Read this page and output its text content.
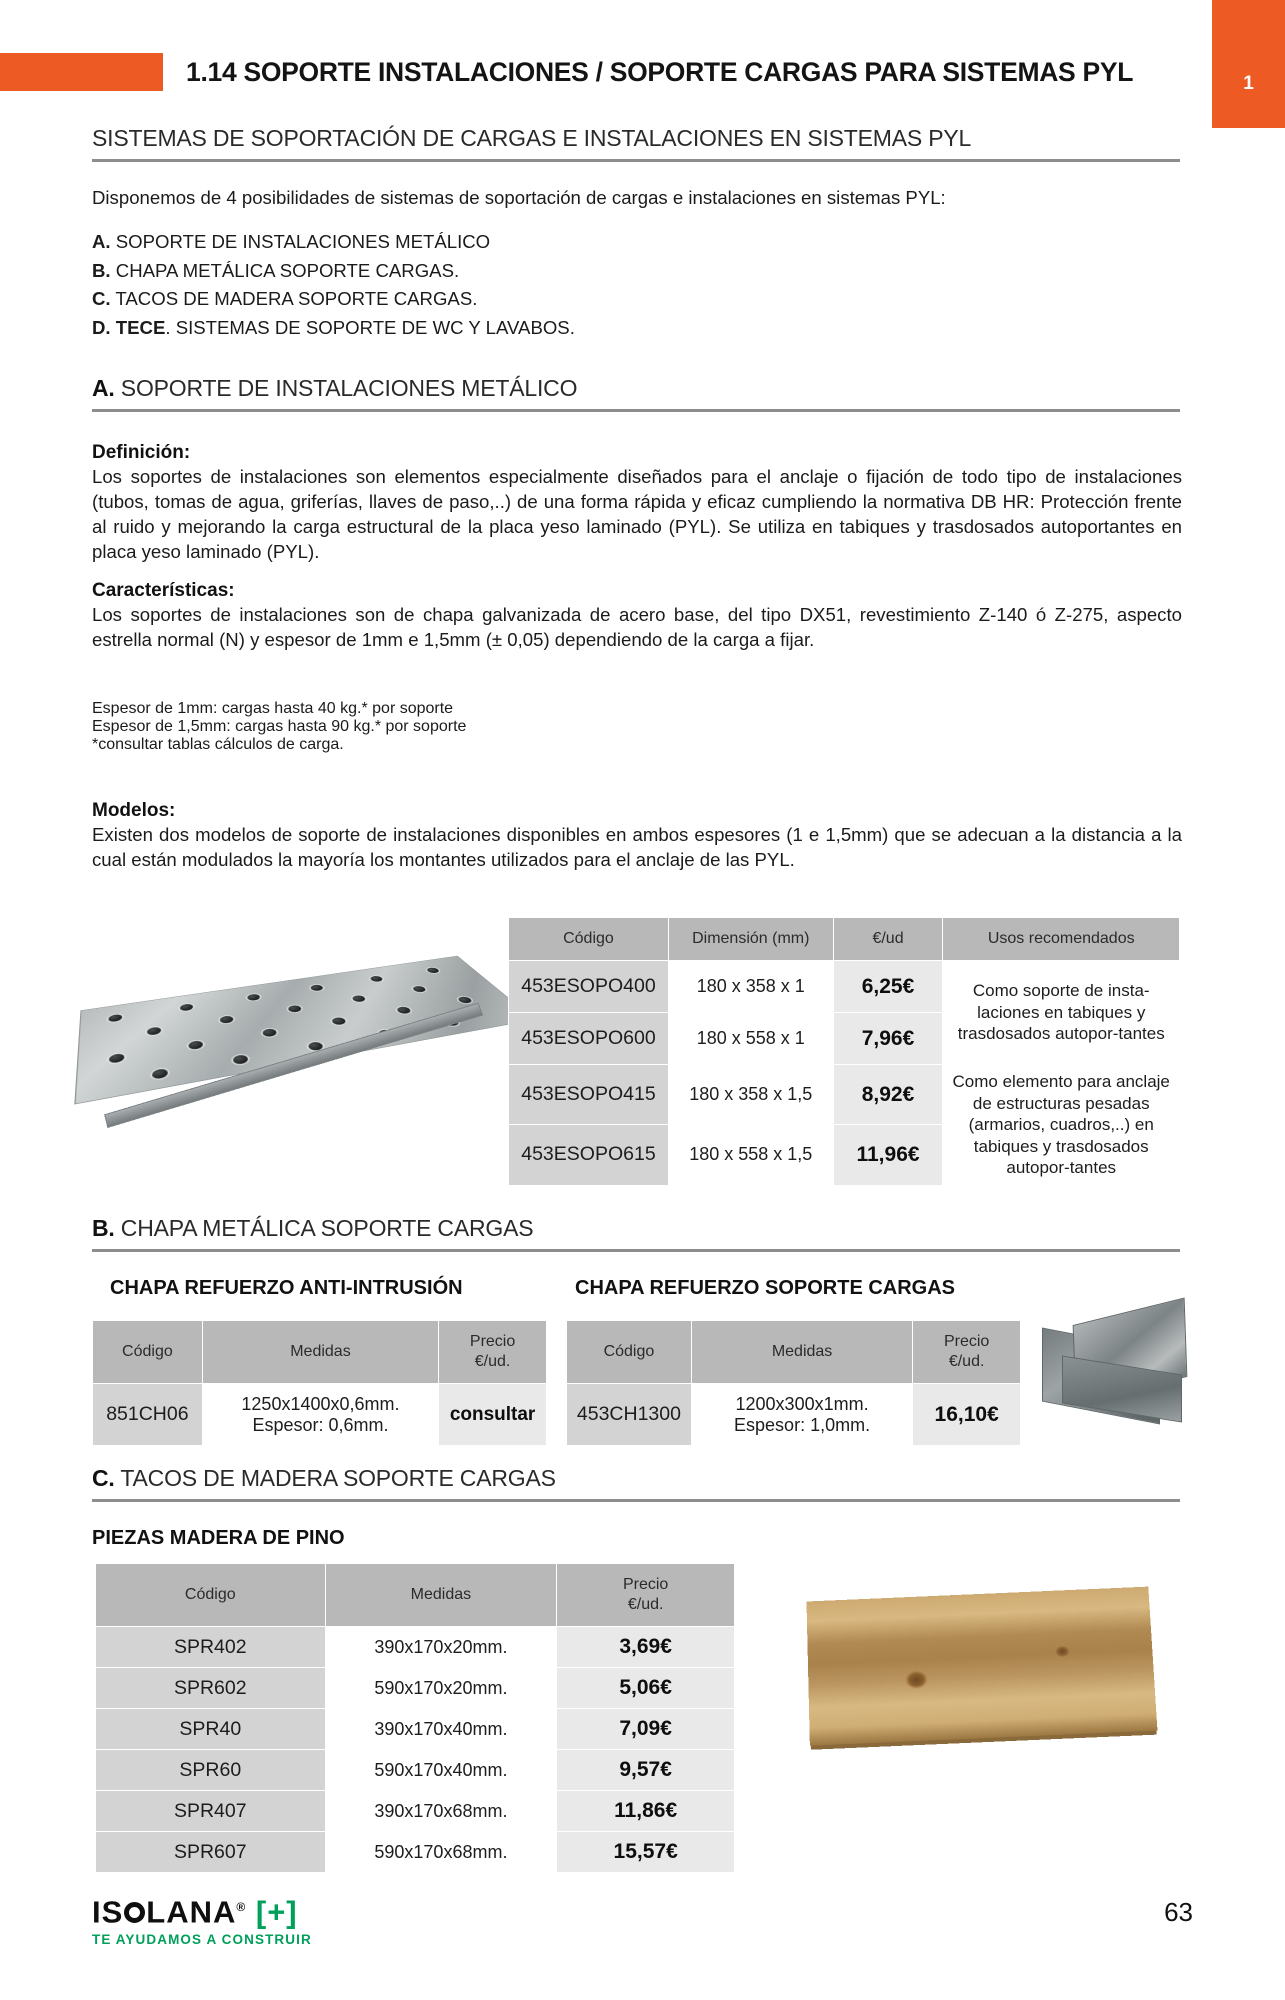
1.14 SOPORTE INSTALACIONES / SOPORTE CARGAS PARA SISTEMAS PYL	1
SISTEMAS DE SOPORTACIÓN DE CARGAS E INSTALACIONES EN SISTEMAS PYL
Disponemos de 4 posibilidades de sistemas de soportación de cargas e instalaciones en sistemas PYL:
A. SOPORTE DE INSTALACIONES METÁLICO
B. CHAPA METÁLICA SOPORTE CARGAS.
C. TACOS DE MADERA SOPORTE CARGAS.
D. TECE. SISTEMAS DE SOPORTE DE WC Y LAVABOS.
A. SOPORTE DE INSTALACIONES METÁLICO
Definición:

Los soportes de instalaciones son elementos especialmente diseñados para el anclaje o fijación de todo tipo de instalaciones (tubos, tomas de agua, griferías, llaves de paso,..) de una forma rápida y eficaz cumpliendo la normativa DB HR: Protección frente al ruido y mejorando la carga estructural de la placa yeso laminado (PYL). Se utiliza en tabiques y trasdosados autoportantes en placa yeso laminado (PYL).

Características:

Los soportes de instalaciones son de chapa galvanizada de acero base, del tipo DX51, revestimiento Z-140 ó Z-275, aspecto estrella normal (N) y espesor de 1mm e 1,5mm (± 0,05) dependiendo de la carga a fijar.

Espesor de 1mm: cargas hasta 40 kg.* por soporte
Espesor de 1,5mm: cargas hasta 90 kg.* por soporte
*consultar tablas cálculos de carga.
Modelos:

Existen dos modelos de soporte de instalaciones disponibles en ambos espesores (1 e 1,5mm) que se adecuan a la distancia a la cual están modulados la mayoría los montantes utilizados para el anclaje de las PYL.

Código	Dimensión (mm)	€/ud	Usos recomendados
453ESOPO400	180 x 358 x 1	6,25€	Como soporte de insta-laciones en tabiques y trasdosados autopor-tantes
453ESOPO600	180 x 558 x 1	7,96€	
453ESOPO415	180 x 358 x 1,5	8,92€	Como elemento para anclaje de estructuras pesadas (armarios, cuadros,..) en tabiques y trasdosados autopor-tantes
453ESOPO615	180 x 558 x 1,5	11,96€	
B. CHAPA METÁLICA SOPORTE CARGAS
CHAPA REFUERZO ANTI-INTRUSIÓN	CHAPA REFUERZO SOPORTE CARGAS
Código	Medidas	Precio
€/ud.
851CH06	1250x1400x0,6mm.
Espesor: 0,6mm.	consultar
Código	Medidas	Precio
€/ud.
453CH1300	1200x300x1mm.
Espesor: 1,0mm.	16,10€
C. TACOS DE MADERA SOPORTE CARGAS
PIEZAS MADERA DE PINO
Código	Medidas	Precio
€/ud.
SPR402	390x170x20mm.	3,69€
SPR602	590x170x20mm.	5,06€
SPR40	390x170x40mm.	7,09€
SPR60	590x170x40mm.	9,57€
SPR407	390x170x68mm.	11,86€
SPR607	590x170x68mm.	15,57€
IS LANA® [+]
TE AYUDAMOS A CONSTRUIR
63
